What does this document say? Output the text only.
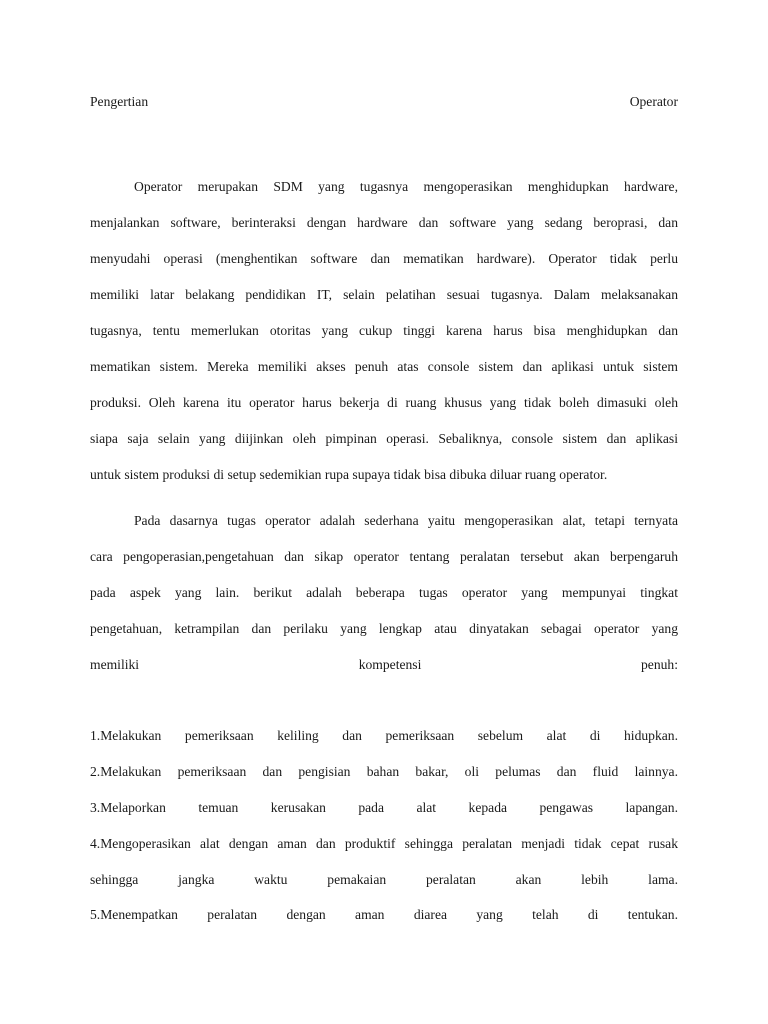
Pengertian	Operator
Operator merupakan SDM yang tugasnya mengoperasikan menghidupkan hardware,
menjalankan software, berinteraksi dengan hardware dan software yang sedang beroprasi, dan
menyudahi operasi (menghentikan software dan mematikan hardware). Operator tidak perlu
memiliki latar belakang pendidikan IT, selain pelatihan sesuai tugasnya. Dalam melaksanakan
tugasnya, tentu memerlukan otoritas yang cukup tinggi karena harus bisa menghidupkan dan
mematikan sistem. Mereka memiliki akses penuh atas console sistem dan aplikasi untuk sistem
produksi. Oleh karena itu operator harus bekerja di ruang khusus yang tidak boleh dimasuki oleh
siapa saja selain yang diijinkan oleh pimpinan operasi. Sebaliknya, console sistem dan aplikasi
untuk sistem produksi di setup sedemikian rupa supaya tidak bisa dibuka diluar ruang operator.
Pada dasarnya tugas operator adalah sederhana yaitu mengoperasikan alat, tetapi ternyata
cara pengoperasian,pengetahuan dan sikap operator tentang peralatan tersebut akan berpengaruh
pada aspek yang lain. berikut adalah beberapa tugas operator yang mempunyai tingkat
pengetahuan, ketrampilan dan perilaku yang lengkap atau dinyatakan sebagai operator yang
memiliki kompetensi penuh:
1.Melakukan pemeriksaan keliling dan pemeriksaan sebelum alat di hidupkan.
2.Melakukan pemeriksaan dan pengisian bahan bakar, oli pelumas dan fluid lainnya.
3.Melaporkan temuan kerusakan pada alat kepada pengawas lapangan.
4.Mengoperasikan alat dengan aman dan produktif sehingga peralatan menjadi tidak cepat rusak
sehingga jangka waktu pemakaian peralatan akan lebih lama.
5.Menempatkan peralatan dengan aman diarea yang telah di tentukan.
